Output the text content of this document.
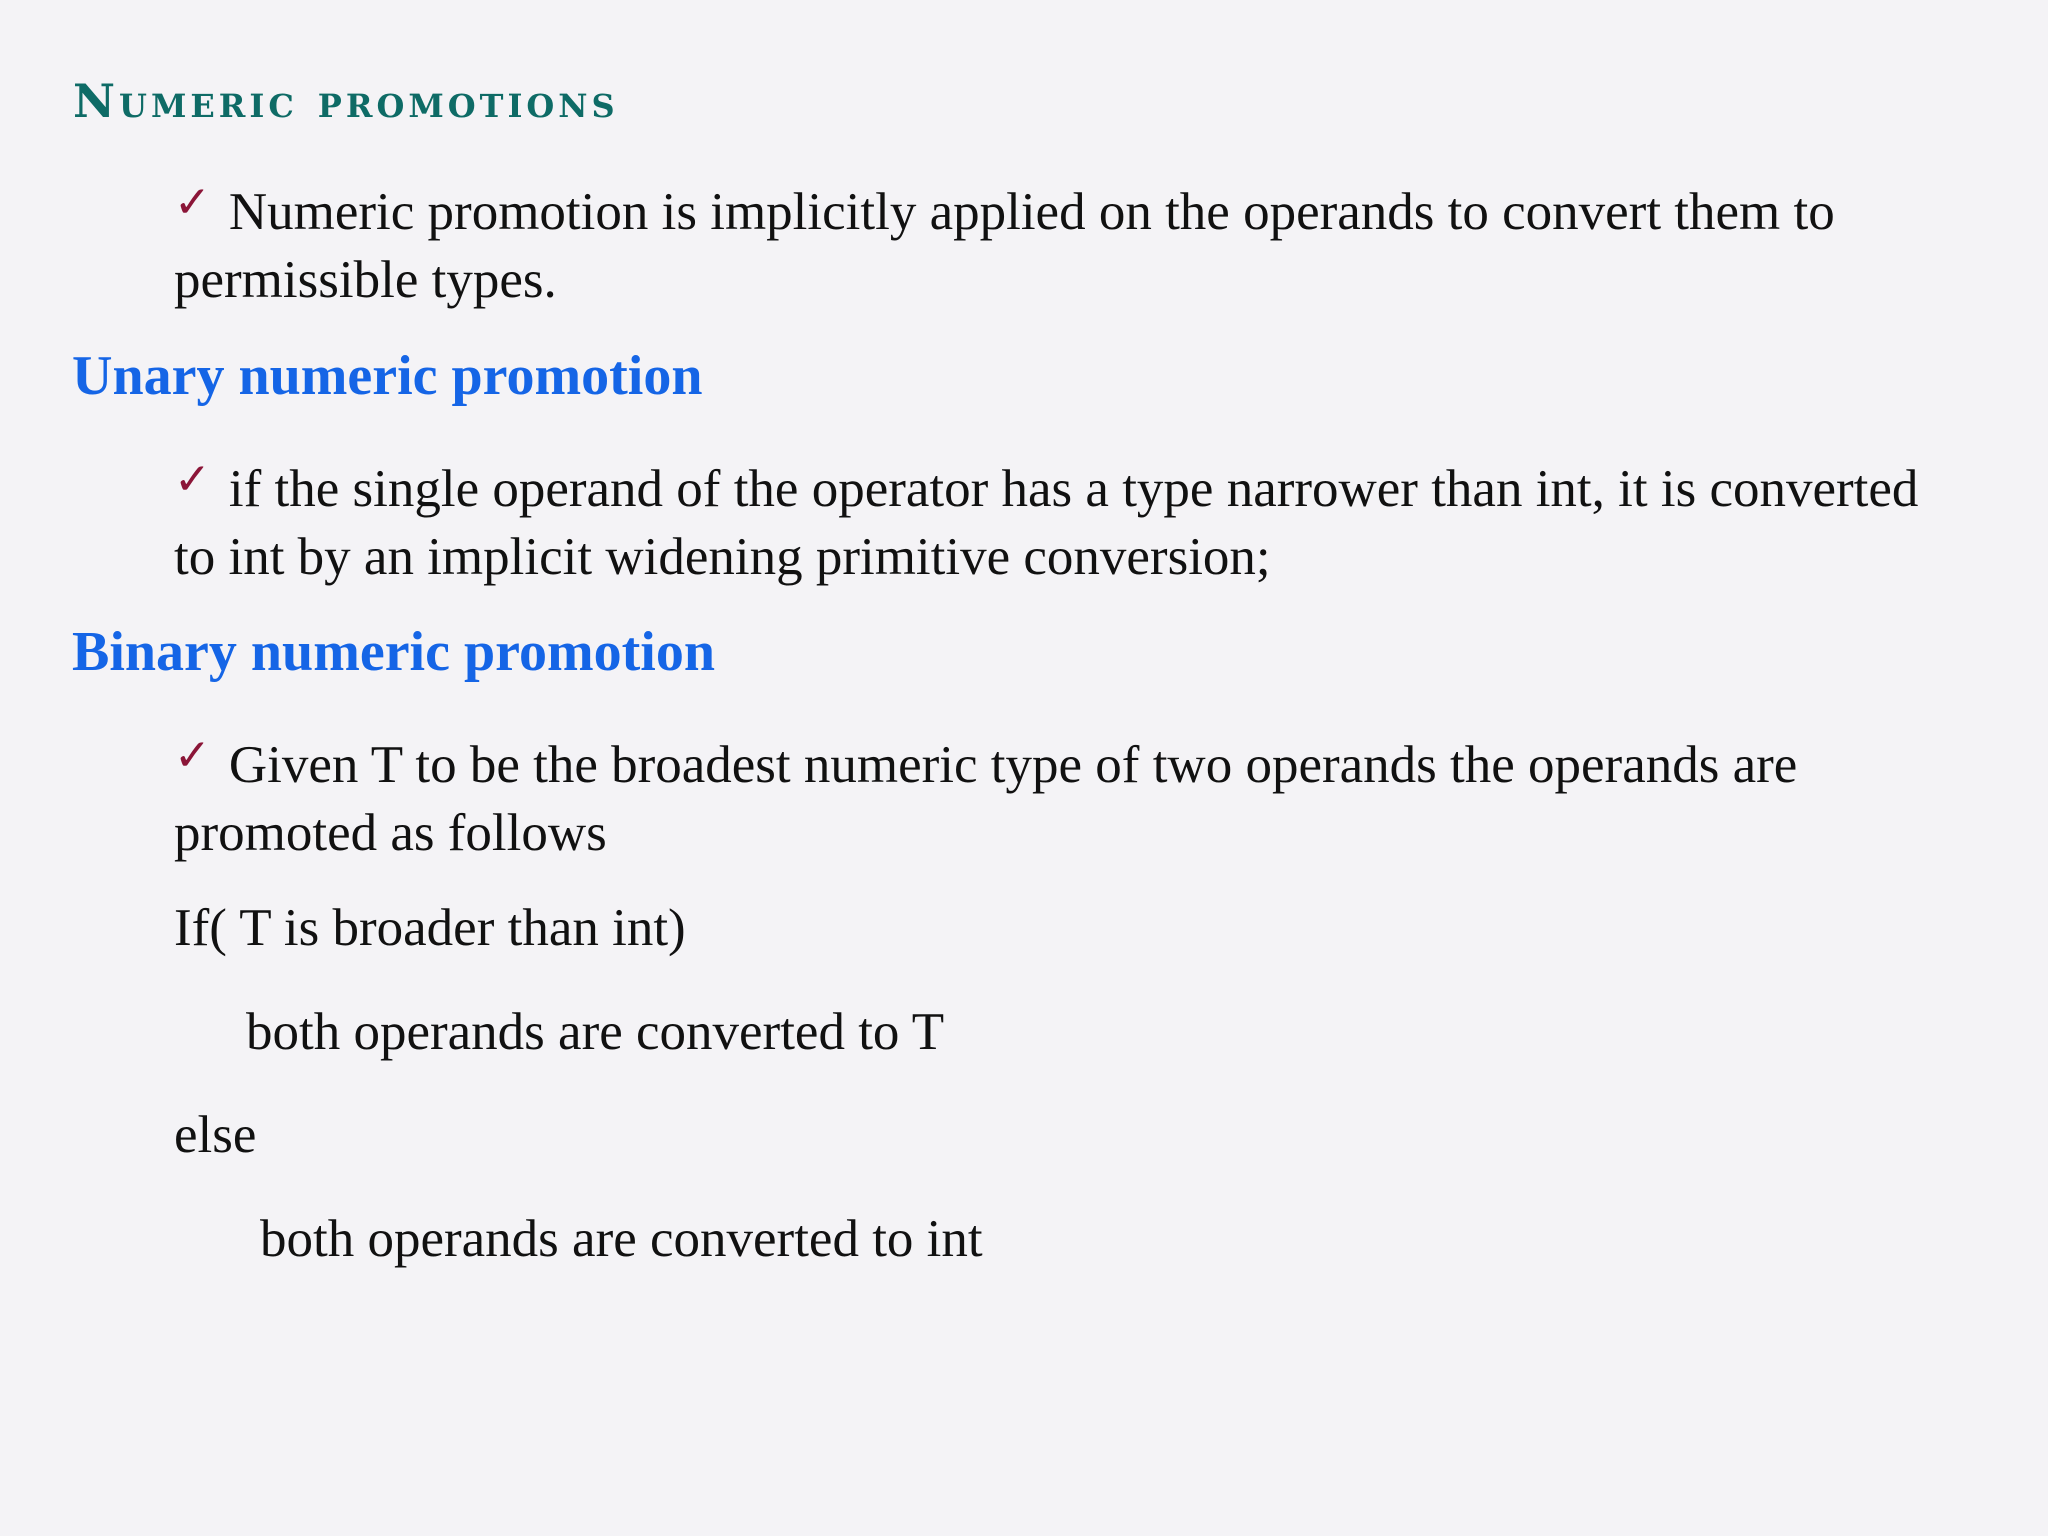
Numeric promotions

✓ Numeric promotion is implicitly applied on the operands to convert them to permissible types.

Unary numeric promotion

✓ if the single operand of the operator has a type narrower than int, it is converted to int by an implicit widening primitive conversion;

Binary numeric promotion

✓ Given T to be the broadest numeric type of two operands the operands are promoted as follows

If( T is broader than int)

both operands are converted to T

else

both operands are converted to int
